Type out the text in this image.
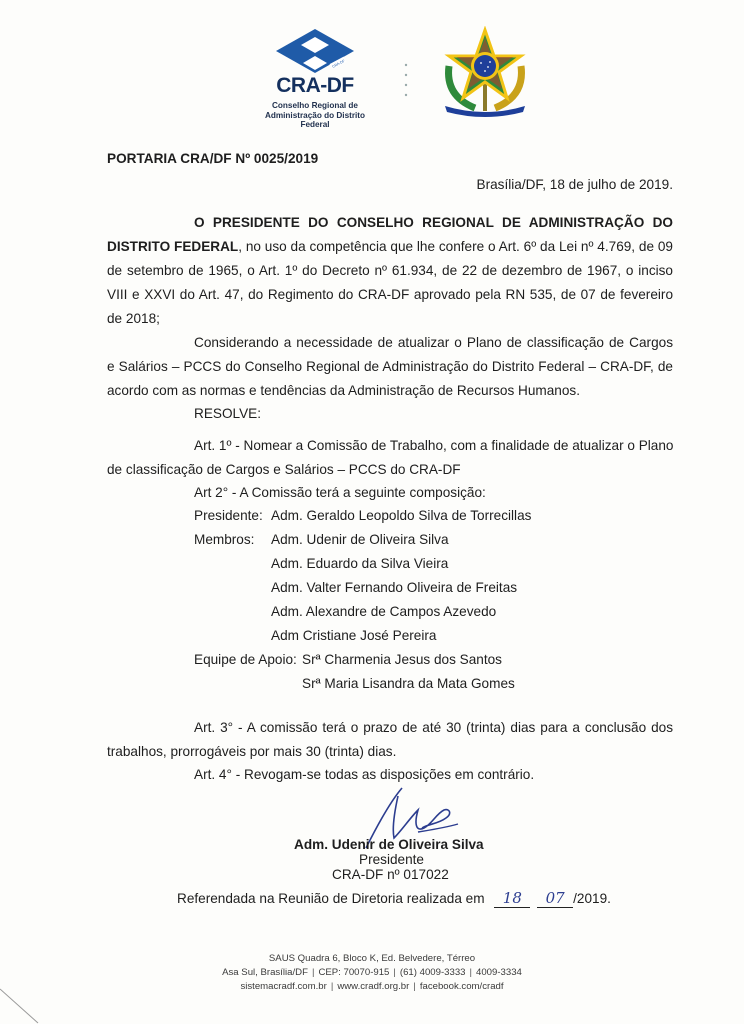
CRA-DF
CRA-DF
Conselho Regional de
Administração do Distrito Federal
PORTARIA CRA/DF Nº 0025/2019
Brasília/DF, 18 de julho de 2019.
O PRESIDENTE DO CONSELHO REGIONAL DE ADMINISTRAÇÃO DO
DISTRITO FEDERAL, no uso da competência que lhe confere o Art. 6º da Lei nº 4.769, de 09
de setembro de 1965, o Art. 1º do Decreto nº 61.934, de 22 de dezembro de 1967, o inciso
VIII e XXVI do Art. 47, do Regimento do CRA-DF aprovado pela RN 535, de 07 de fevereiro
de 2018;
Considerando a necessidade de atualizar o Plano de classificação de Cargos
e Salários – PCCS do Conselho Regional de Administração do Distrito Federal – CRA-DF, de
acordo com as normas e tendências da Administração de Recursos Humanos.
RESOLVE:
Art. 1º - Nomear a Comissão de Trabalho, com a finalidade de atualizar o Plano
de classificação de Cargos e Salários – PCCS do CRA-DF
Art 2° - A Comissão terá a seguinte composição:
Presidente: Adm. Geraldo Leopoldo Silva de Torrecillas
Membros: Adm. Udenir de Oliveira Silva
Adm. Eduardo da Silva Vieira
Adm. Valter Fernando Oliveira de Freitas
Adm. Alexandre de Campos Azevedo
Adm Cristiane José Pereira
Equipe de Apoio: Srª Charmenia Jesus dos Santos
Srª Maria Lisandra da Mata Gomes
Art. 3° - A comissão terá o prazo de até 30 (trinta) dias para a conclusão dos
trabalhos, prorrogáveis por mais 30 (trinta) dias.
Art. 4° - Revogam-se todas as disposições em contrário.
Adm. Udenir de Oliveira Silva
Presidente
CRA-DF nº 017022
Referendada na Reunião de Diretoria realizada em 18 07 /2019.
SAUS Quadra 6, Bloco K, Ed. Belvedere, Térreo
Asa Sul, Brasília/DF | CEP: 70070-915 | (61) 4009-3333 | 4009-3334
sistemacradf.com.br | www.cradf.org.br | facebook.com/cradf
